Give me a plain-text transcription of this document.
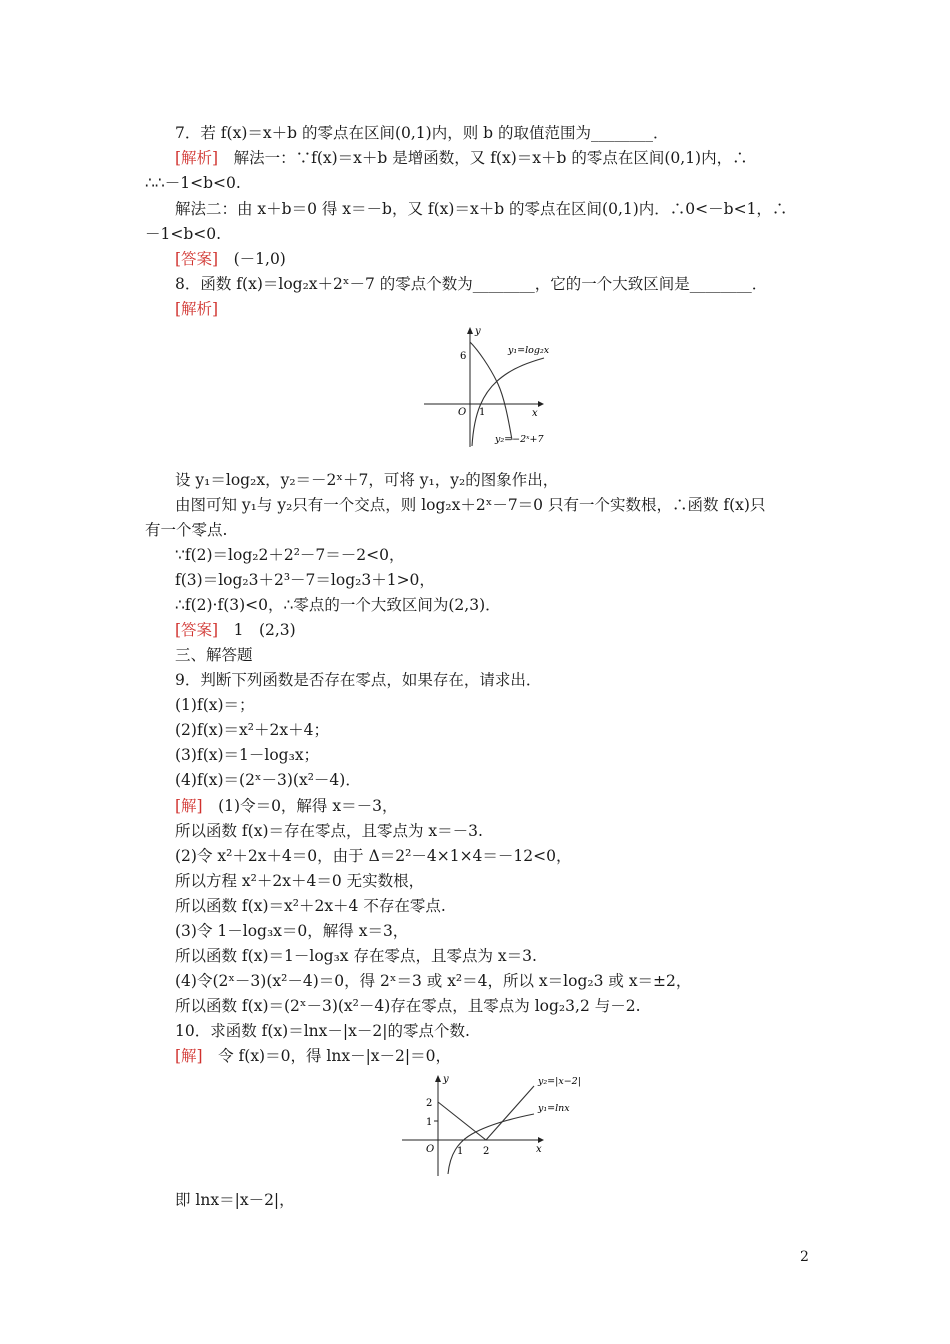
7．若 f(x)＝x＋b 的零点在区间(0,1)内，则 b 的取值范围为________．
[解析]　解法一：∵f(x)＝x＋b 是增函数，又 f(x)＝x＋b 的零点在区间(0,1)内，∴
∴∴－1<b<0.
解法二：由 x＋b＝0 得 x＝－b，又 f(x)＝x＋b 的零点在区间(0,1)内．∴0<－b<1，∴
－1<b<0.
[答案]　(－1,0)
8．函数 f(x)＝log₂x＋2ˣ－7 的零点个数为________，它的一个大致区间是________．
[解析]
y
x
O
6
1
y₁=log₂x
y₂=−2ˣ+7
设 y₁＝log₂x，y₂＝－2ˣ＋7，可将 y₁，y₂的图象作出，
由图可知 y₁与 y₂只有一个交点，则 log₂x＋2ˣ－7＝0 只有一个实数根，∴函数 f(x)只
有一个零点.
∵f(2)＝log₂2＋2²－7＝－2<0，
f(3)＝log₂3＋2³－7＝log₂3＋1>0，
∴f(2)·f(3)<0，∴零点的一个大致区间为(2,3)．
[答案]　1　(2,3)
三、解答题
9．判断下列函数是否存在零点，如果存在，请求出．
(1)f(x)＝；
(2)f(x)＝x²＋2x＋4；
(3)f(x)＝1－log₃x；
(4)f(x)＝(2ˣ－3)(x²－4)．
[解]　(1)令＝0，解得 x＝－3，
所以函数 f(x)＝存在零点，且零点为 x＝－3.
(2)令 x²＋2x＋4＝0，由于 Δ＝2²－4×1×4＝－12<0，
所以方程 x²＋2x＋4＝0 无实数根，
所以函数 f(x)＝x²＋2x＋4 不存在零点.
(3)令 1－log₃x＝0，解得 x＝3，
所以函数 f(x)＝1－log₃x 存在零点，且零点为 x＝3.
(4)令(2ˣ－3)(x²－4)＝0，得 2ˣ＝3 或 x²＝4，所以 x＝log₂3 或 x＝±2，
所以函数 f(x)＝(2ˣ－3)(x²－4)存在零点，且零点为 log₂3,2 与－2.
10．求函数 f(x)＝lnx－|x－2|的零点个数.
[解]　令 f(x)＝0，得 lnx－|x－2|＝0，
y
x
O
2
1
1 2
y₂=|x−2|
y₁=lnx
即 lnx＝|x－2|，
2
